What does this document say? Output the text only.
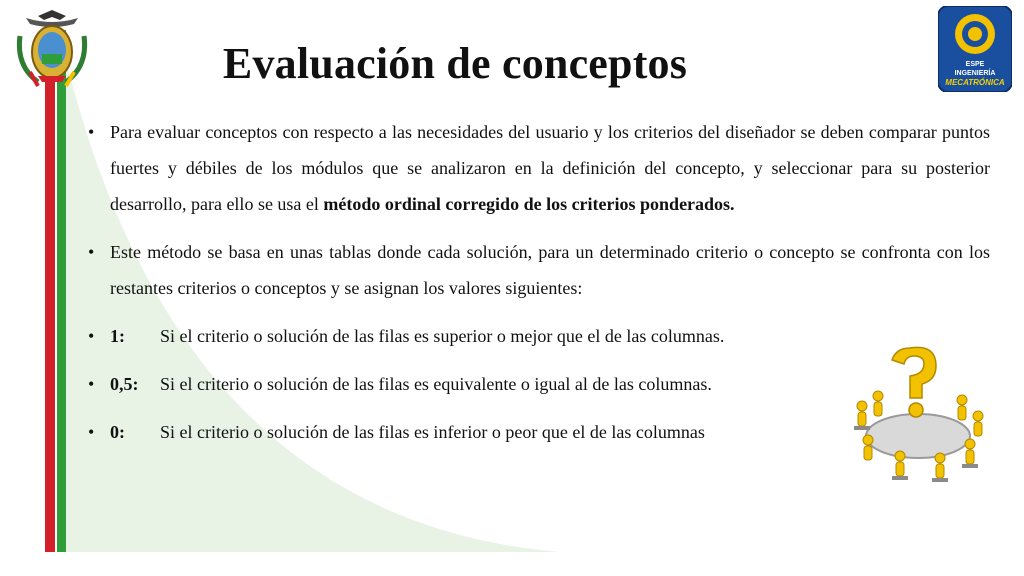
ESPE
INGENIERÍA
MECATRÓNICA
Evaluación de conceptos
• Para evaluar conceptos con respecto a las necesidades del usuario y los criterios del diseñador se deben comparar puntos fuertes y débiles de los módulos que se analizaron en la definición del concepto, y seleccionar para su posterior desarrollo, para ello se usa el método ordinal corregido de los criterios ponderados.
• Este método se basa en unas tablas donde cada solución, para un determinado criterio o concepto se confronta con los restantes criterios o conceptos y se asignan los valores siguientes:
• 1: Si el criterio o solución de las filas es superior o mejor que el de las columnas.
• 0,5: Si el criterio o solución de las filas es equivalente o igual al de las columnas.
• 0: Si el criterio o solución de las filas es inferior o peor que el de las columnas
